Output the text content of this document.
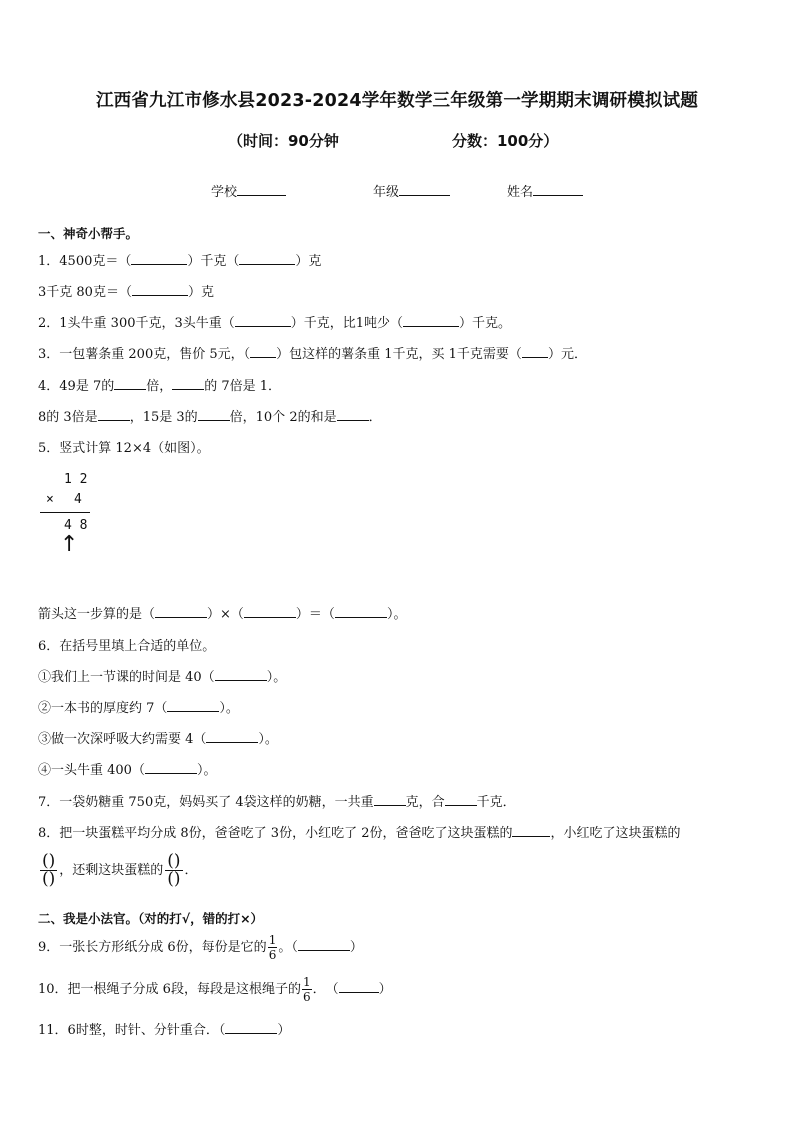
江西省九江市修水县2023-2024学年数学三年级第一学期期末调研模拟试题
（时间：90分钟	分数：100分）
学校	年级	姓名
一、神奇小帮手。
1．4500克＝（	）千克（	）克
3千克 80克＝（	）克
2．1头牛重 300千克，3头牛重（	）千克，比1吨少（	）千克。
3．一包薯条重 200克，售价 5元，（ ）包这样的薯条重 1千克，买 1千克需要（ ）元．
4．49是 7的 倍， 的 7倍是 1．
8的 3倍是 ，15是 3的 倍，10个 2的和是 ．
5．竖式计算 12×4（如图）。
1 2
× 4
4 8
↑
箭头这一步算的是（	）×（	）＝（	）。
6．在括号里填上合适的单位。
①我们上一节课的时间是 40（	）。
②一本书的厚度约 7（	）。
③做一次深呼吸大约需要 4（	）。
④一头牛重 400（	）。
7．一袋奶糖重 750克，妈妈买了 4袋这样的奶糖，一共重 克，合 千克．
8．把一块蛋糕平均分成 8份，爸爸吃了 3份，小红吃了 2份，爸爸吃了这块蛋糕的	，小红吃了这块蛋糕的
()
() ，还剩这块蛋糕的 ()
() ．
二、我是小法官。（对的打√，错的打×）
9．一张长方形纸分成 6份，每份是它的 $\frac{1}{6}$ 。（	）
10．把一根绳子分成 6段，每段是这根绳子的 $\frac{1}{6}$ ．　（	）
11．6时整，时针、分针重合．（	）
